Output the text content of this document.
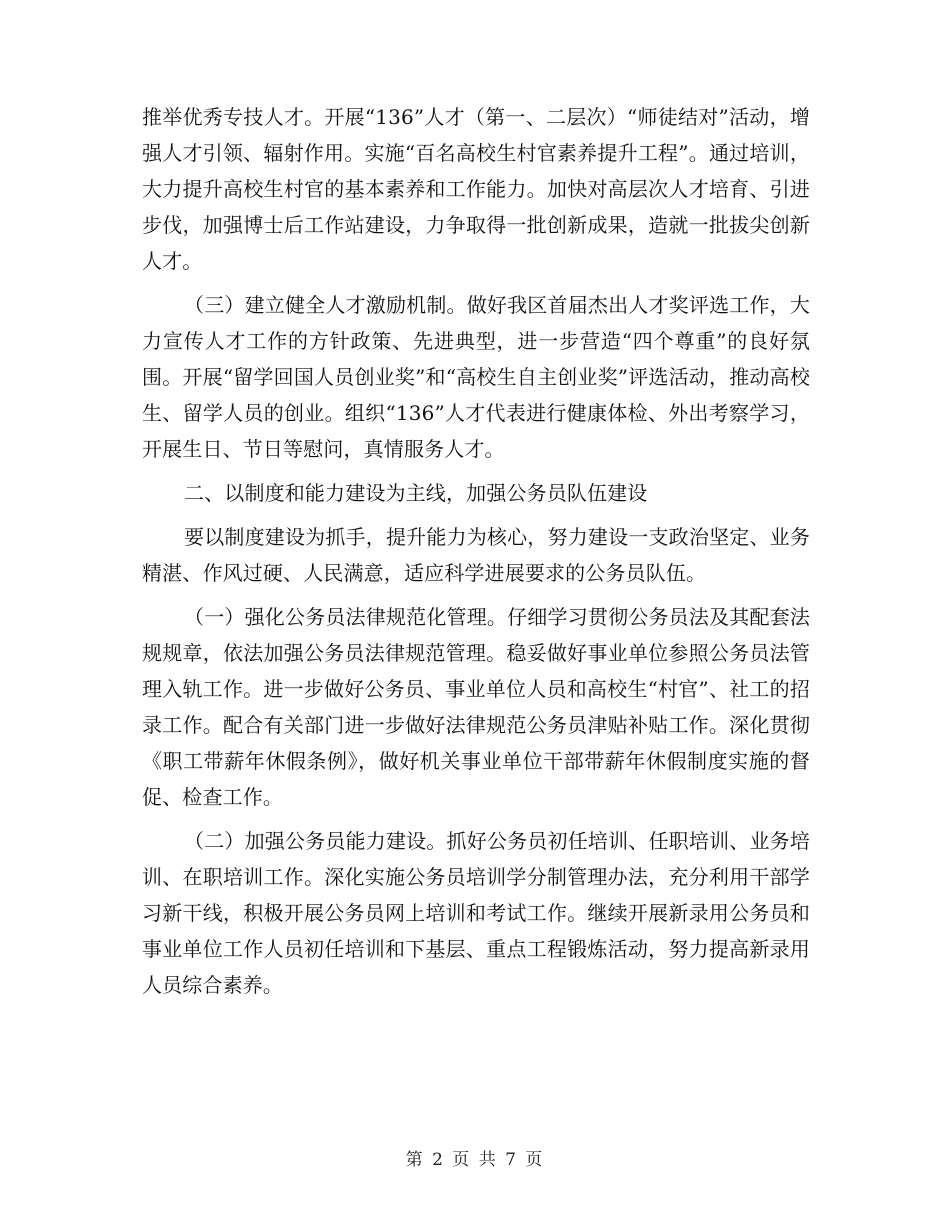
推举优秀专技人才。开展“136”人才（第一、二层次）“师徒结对”活动，增强人才引领、辐射作用。实施“百名高校生村官素养提升工程”。通过培训，大力提升高校生村官的基本素养和工作能力。加快对高层次人才培育、引进步伐，加强博士后工作站建设，力争取得一批创新成果，造就一批拔尖创新人才。

（三）建立健全人才激励机制。做好我区首届杰出人才奖评选工作，大力宣传人才工作的方针政策、先进典型，进一步营造“四个尊重”的良好氛围。开展“留学回国人员创业奖”和“高校生自主创业奖”评选活动，推动高校生、留学人员的创业。组织“136”人才代表进行健康体检、外出考察学习，开展生日、节日等慰问，真情服务人才。

二、以制度和能力建设为主线，加强公务员队伍建设

要以制度建设为抓手，提升能力为核心，努力建设一支政治坚定、业务精湛、作风过硬、人民满意，适应科学进展要求的公务员队伍。

（一）强化公务员法律规范化管理。仔细学习贯彻公务员法及其配套法规规章，依法加强公务员法律规范管理。稳妥做好事业单位参照公务员法管理入轨工作。进一步做好公务员、事业单位人员和高校生“村官”、社工的招录工作。配合有关部门进一步做好法律规范公务员津贴补贴工作。深化贯彻《职工带薪年休假条例》，做好机关事业单位干部带薪年休假制度实施的督促、检查工作。

（二）加强公务员能力建设。抓好公务员初任培训、任职培训、业务培训、在职培训工作。深化实施公务员培训学分制管理办法，充分利用干部学习新干线，积极开展公务员网上培训和考试工作。继续开展新录用公务员和事业单位工作人员初任培训和下基层、重点工程锻炼活动，努力提高新录用人员综合素养。

第 2 页 共 7 页
